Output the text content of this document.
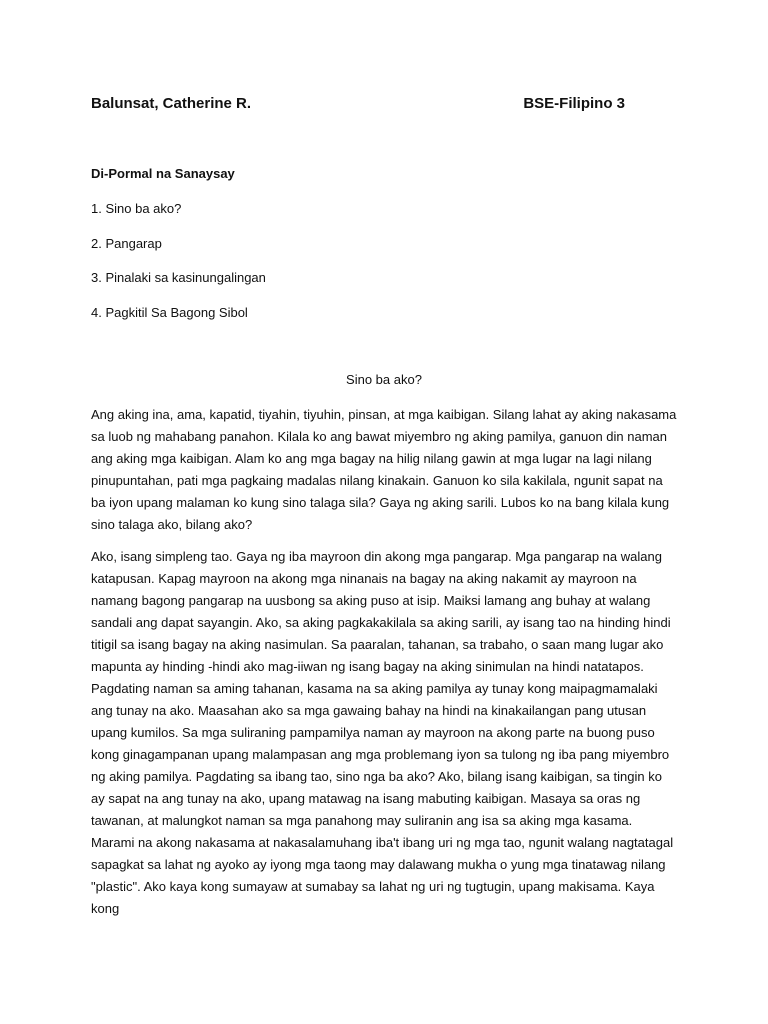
Balunsat, Catherine R.	BSE-Filipino 3
Di-Pormal na Sanaysay
1. Sino ba ako?
2. Pangarap
3. Pinalaki sa kasinungalingan
4. Pagkitil Sa Bagong Sibol
Sino ba ako?

Ang aking ina, ama, kapatid, tiyahin, tiyuhin, pinsan, at mga kaibigan. Silang lahat ay aking nakasama sa luob ng mahabang panahon. Kilala ko ang bawat miyembro ng aking pamilya, ganuon din naman ang aking mga kaibigan. Alam ko ang mga bagay na hilig nilang gawin at mga lugar na lagi nilang pinupuntahan, pati mga pagkaing madalas nilang kinakain. Ganuon ko sila kakilala, ngunit sapat na ba iyon upang malaman ko kung sino talaga sila? Gaya ng aking sarili. Lubos ko na bang kilala kung sino talaga ako, bilang ako?

Ako, isang simpleng tao. Gaya ng iba mayroon din akong mga pangarap. Mga pangarap na walang katapusan. Kapag mayroon na akong mga ninanais na bagay na aking nakamit ay mayroon na namang bagong pangarap na uusbong sa aking puso at isip. Maiksi lamang ang buhay at walang sandali ang dapat sayangin. Ako, sa aking pagkakakilala sa aking sarili, ay isang tao na hinding hindi titigil sa isang bagay na aking nasimulan. Sa paaralan, tahanan, sa trabaho, o saan mang lugar ako mapunta ay hinding -hindi ako mag-iiwan ng isang bagay na aking sinimulan na hindi natatapos. Pagdating naman sa aming tahanan, kasama na sa aking pamilya ay tunay kong maipagmamalaki ang tunay na ako. Maasahan ako sa mga gawaing bahay na hindi na kinakailangan pang utusan upang kumilos. Sa mga suliraning pampamilya naman ay mayroon na akong parte na buong puso kong ginagampanan upang malampasan ang mga problemang iyon sa tulong ng iba pang miyembro ng aking pamilya. Pagdating sa ibang tao, sino nga ba ako? Ako, bilang isang kaibigan, sa tingin ko ay sapat na ang tunay na ako, upang matawag na isang mabuting kaibigan. Masaya sa oras ng tawanan, at malungkot naman sa mga panahong may suliranin ang isa sa aking mga kasama. Marami na akong nakasama at nakasalamuhang iba't ibang uri ng mga tao, ngunit walang nagtatagal sapagkat sa lahat ng ayoko ay iyong mga taong may dalawang mukha o yung mga tinatawag nilang "plastic". Ako kaya kong sumayaw at sumabay sa lahat ng uri ng tugtugin, upang makisama. Kaya kong
